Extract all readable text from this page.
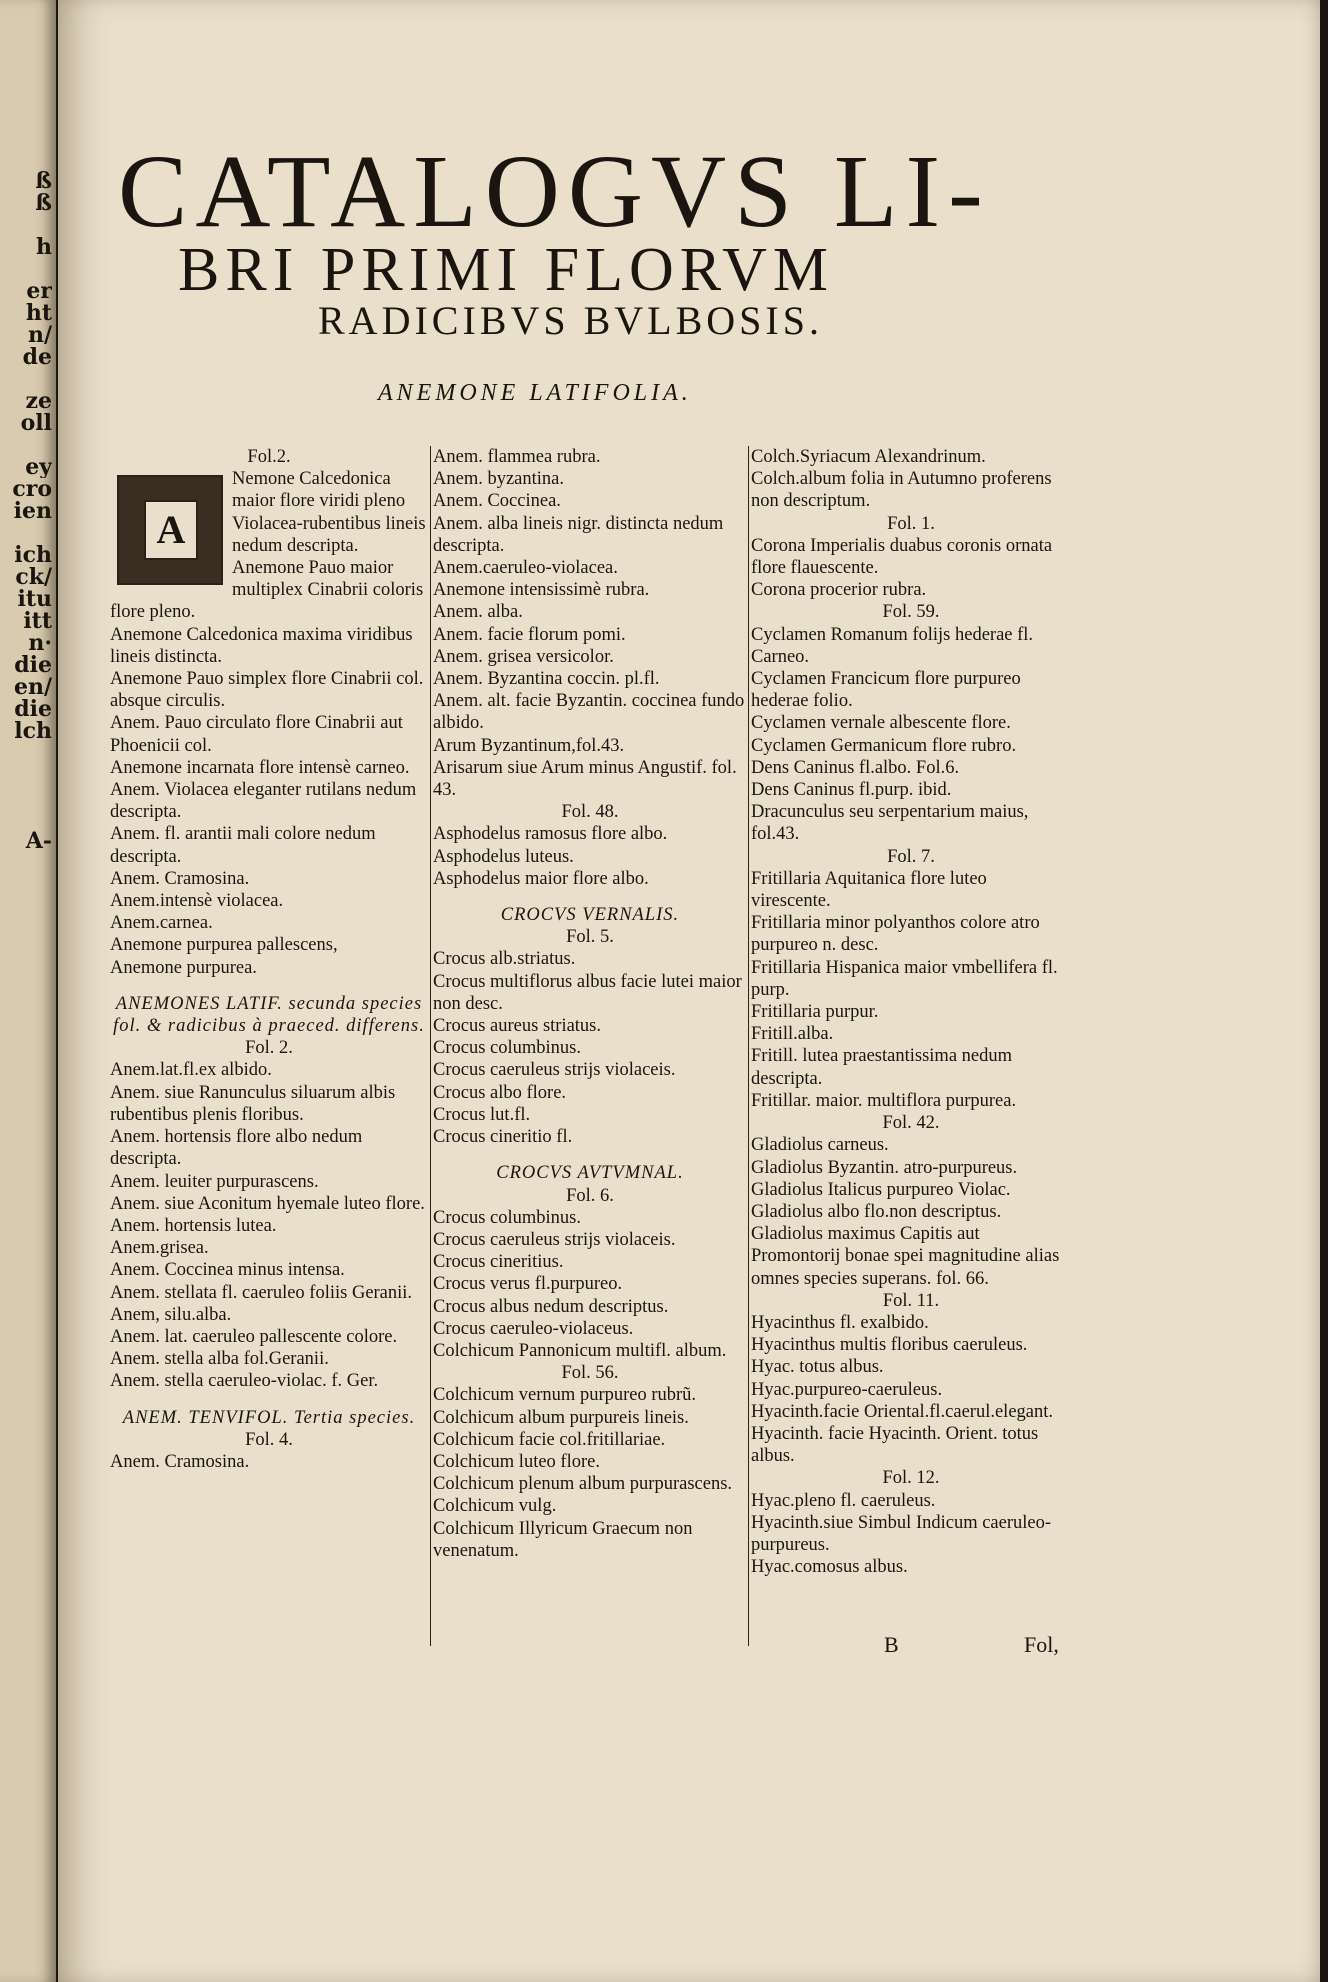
ß
ß
h
er
ht
n/
de
ze
oll
ey
cro
ien
ich
ck/
itu
itt
n·
die
en/
die
lch
A-
CATALOGVS LI-
BRI PRIMI FLORVM
RADICIBVS BVLBOSIS.
ANEMONE LATIFOLIA.
Fol.2.
A
Nemone Calcedonica maior flore viridi pleno Violacea-rubentibus lineis nedum descripta.
Anemone Pauo maior multiplex Cinabrii coloris flore pleno.
Anemone Calcedonica maxima viridibus lineis distincta.
Anemone Pauo simplex flore Cinabrii col. absque circulis.
Anem. Pauo circulato flore Cinabrii aut Phoenicii col.
Anemone incarnata flore intensè carneo.
Anem. Violacea eleganter rutilans nedum descripta.
Anem. fl. arantii mali colore nedum descripta.
Anem. Cramosina.
Anem.intensè violacea.
Anem.carnea.
Anemone purpurea pallescens,
Anemone purpurea.
ANEMONES LATIF. secunda species fol. & radicibus à praeced. differens.
Fol. 2.
Anem.lat.fl.ex albido.
Anem. siue Ranunculus siluarum albis rubentibus plenis floribus.
Anem. hortensis flore albo nedum descripta.
Anem. leuiter purpurascens.
Anem. siue Aconitum hyemale luteo flore.
Anem. hortensis lutea.
Anem.grisea.
Anem. Coccinea minus intensa.
Anem. stellata fl. caeruleo foliis Geranii.
Anem, silu.alba.
Anem. lat. caeruleo pallescente colore.
Anem. stella alba fol.Geranii.
Anem. stella caeruleo-violac. f. Ger.
ANEM. TENVIFOL. Tertia species.
Fol. 4.
Anem. Cramosina.
Anem. flammea rubra.
Anem. byzantina.
Anem. Coccinea.
Anem. alba lineis nigr. distincta nedum descripta.
Anem.caeruleo-violacea.
Anemone intensissimè rubra.
Anem. alba.
Anem. facie florum pomi.
Anem. grisea versicolor.
Anem. Byzantina coccin. pl.fl.
Anem. alt. facie Byzantin. coccinea fundo albido.
Arum Byzantinum,fol.43.
Arisarum siue Arum minus Angustif. fol. 43.
Fol. 48.
Asphodelus ramosus flore albo.
Asphodelus luteus.
Asphodelus maior flore albo.
CROCVS VERNALIS.
Fol. 5.
Crocus alb.striatus.
Crocus multiflorus albus facie lutei maior non desc.
Crocus aureus striatus.
Crocus columbinus.
Crocus caeruleus strijs violaceis.
Crocus albo flore.
Crocus lut.fl.
Crocus cineritio fl.
CROCVS AVTVMNAL.
Fol. 6.
Crocus columbinus.
Crocus caeruleus strijs violaceis.
Crocus cineritius.
Crocus verus fl.purpureo.
Crocus albus nedum descriptus.
Crocus caeruleo-violaceus.
Colchicum Pannonicum multifl. album.
Fol. 56.
Colchicum vernum purpureo rubrũ.
Colchicum album purpureis lineis.
Colchicum facie col.fritillariae.
Colchicum luteo flore.
Colchicum plenum album purpurascens.
Colchicum vulg.
Colchicum Illyricum Graecum non venenatum.
Colch.Syriacum Alexandrinum.
Colch.album folia in Autumno proferens non descriptum.
Fol. 1.
Corona Imperialis duabus coronis ornata flore flauescente.
Corona procerior rubra.
Fol. 59.
Cyclamen Romanum folijs hederae fl. Carneo.
Cyclamen Francicum flore purpureo hederae folio.
Cyclamen vernale albescente flore.
Cyclamen Germanicum flore rubro.
Dens Caninus fl.albo. Fol.6.
Dens Caninus fl.purp. ibid.
Dracunculus seu serpentarium maius, fol.43.
Fol. 7.
Fritillaria Aquitanica flore luteo virescente.
Fritillaria minor polyanthos colore atro purpureo n. desc.
Fritillaria Hispanica maior vmbellifera fl. purp.
Fritillaria purpur.
Fritill.alba.
Fritill. lutea praestantissima nedum descripta.
Fritillar. maior. multiflora purpurea.
Fol. 42.
Gladiolus carneus.
Gladiolus Byzantin. atro-purpureus.
Gladiolus Italicus purpureo Violac.
Gladiolus albo flo.non descriptus.
Gladiolus maximus Capitis aut Promontorij bonae spei magnitudine alias omnes species superans. fol. 66.
Fol. 11.
Hyacinthus fl. exalbido.
Hyacinthus multis floribus caeruleus.
Hyac. totus albus.
Hyac.purpureo-caeruleus.
Hyacinth.facie Oriental.fl.caerul.elegant.
Hyacinth. facie Hyacinth. Orient. totus albus.
Fol. 12.
Hyac.pleno fl. caeruleus.
Hyacinth.siue Simbul Indicum caeruleo-purpureus.
Hyac.comosus albus.
B	Fol,
